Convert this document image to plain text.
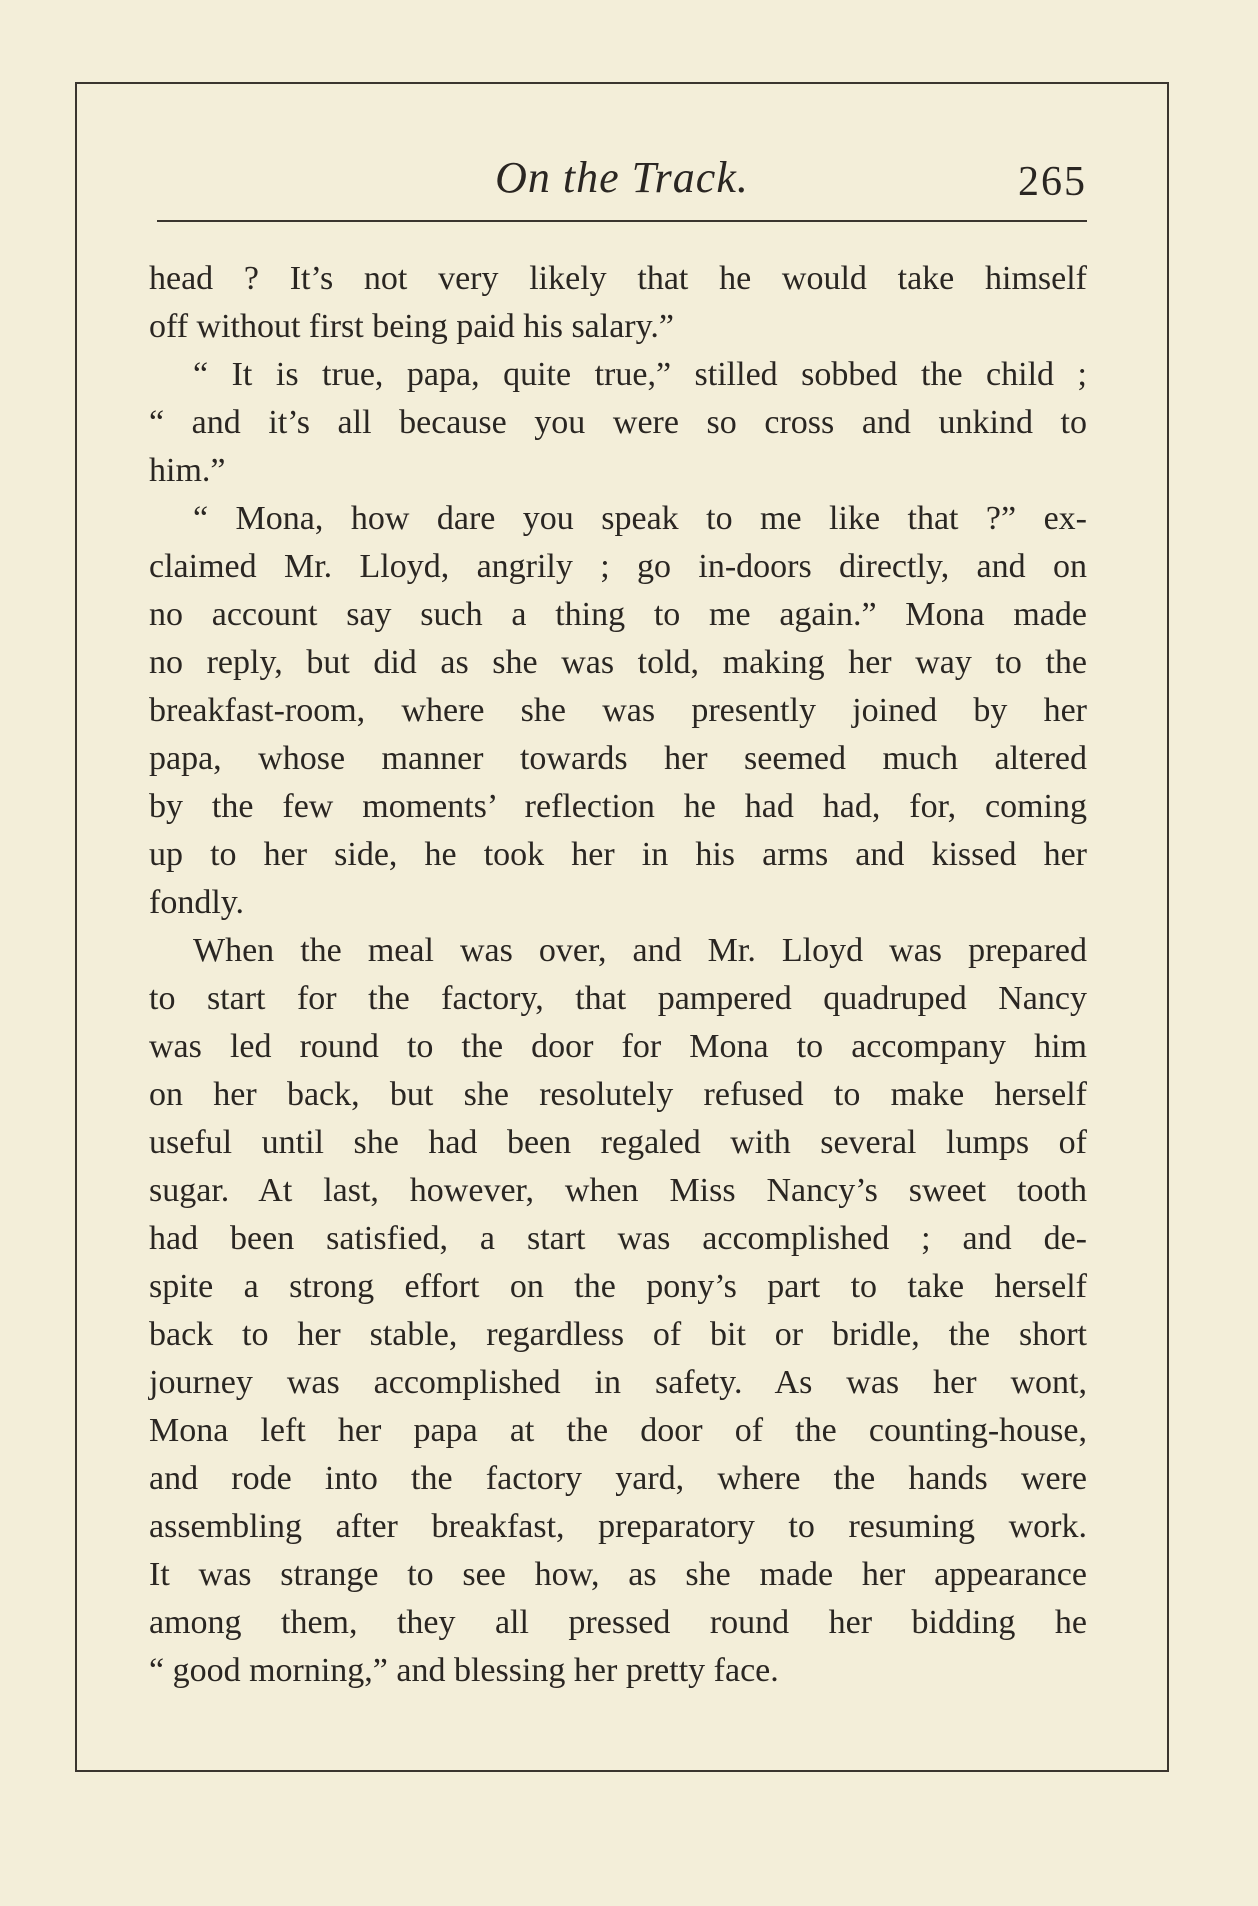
On the Track.	265
head ? It’s not very likely that he would take himself
off without first being paid his salary.”
“ It is true, papa, quite true,” stilled sobbed the child ;
“ and it’s all because you were so cross and unkind to
him.”
“ Mona, how dare you speak to me like that ?” ex-
claimed Mr. Lloyd, angrily ; go in-doors directly, and on
no account say such a thing to me again.” Mona made
no reply, but did as she was told, making her way to the
breakfast-room, where she was presently joined by her
papa, whose manner towards her seemed much altered
by the few moments’ reflection he had had, for, coming
up to her side, he took her in his arms and kissed her
fondly.
When the meal was over, and Mr. Lloyd was prepared
to start for the factory, that pampered quadruped Nancy
was led round to the door for Mona to accompany him
on her back, but she resolutely refused to make herself
useful until she had been regaled with several lumps of
sugar. At last, however, when Miss Nancy’s sweet tooth
had been satisfied, a start was accomplished ; and de-
spite a strong effort on the pony’s part to take herself
back to her stable, regardless of bit or bridle, the short
journey was accomplished in safety. As was her wont,
Mona left her papa at the door of the counting-house,
and rode into the factory yard, where the hands were
assembling after breakfast, preparatory to resuming work.
It was strange to see how, as she made her appearance
among them, they all pressed round her bidding he
“ good morning,” and blessing her pretty face.
